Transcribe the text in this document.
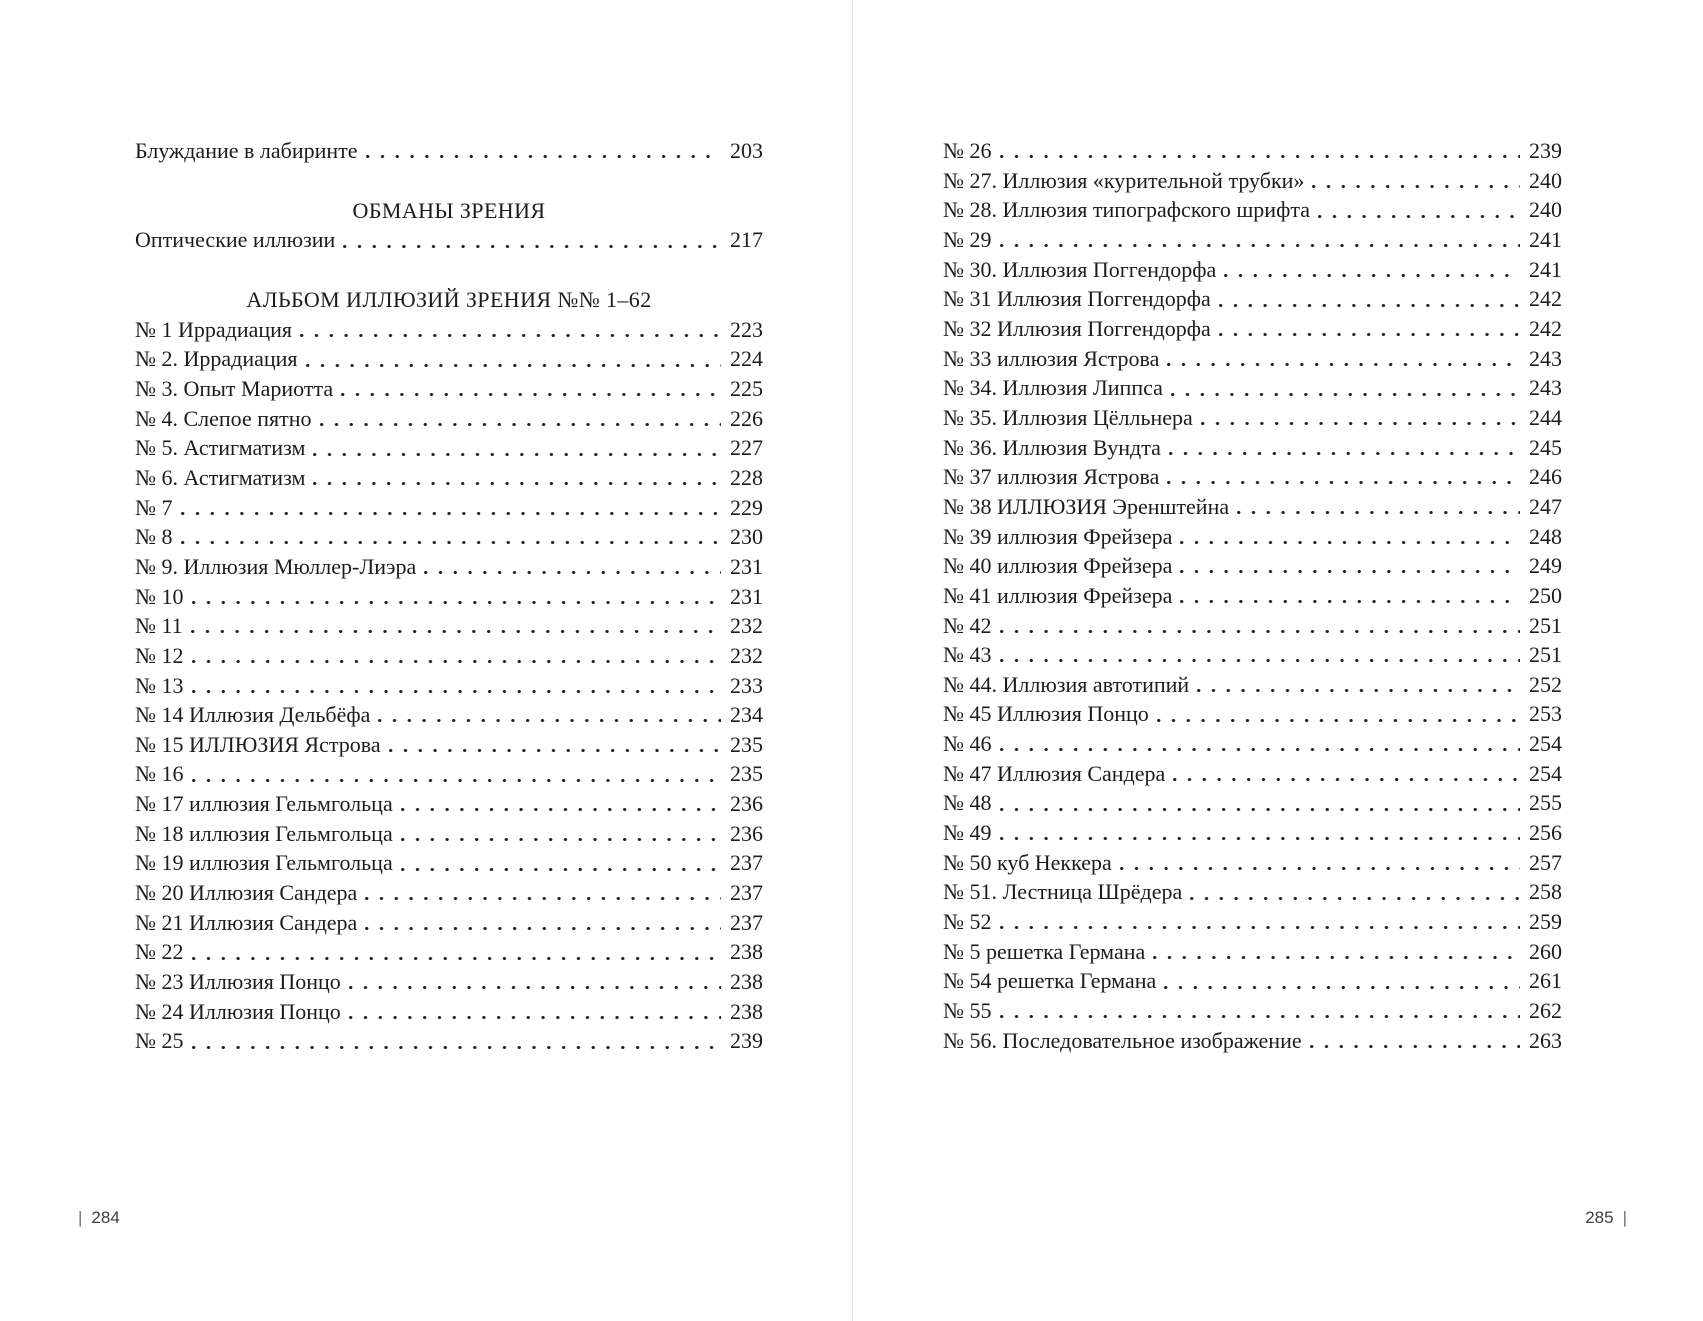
Блуждание в лабиринте	203
ОБМАНЫ ЗРЕНИЯ
Оптические иллюзии	217
АЛЬБОМ ИЛЛЮЗИЙ ЗРЕНИЯ №№ 1–62
№ 1 Иррадиация	223
№ 2. Иррадиация	224
№ 3. Опыт Мариотта	225
№ 4. Слепое пятно	226
№ 5. Астигматизм	227
№ 6. Астигматизм	228
№ 7	229
№ 8	230
№ 9. Иллюзия Мюллер-Лиэра	231
№ 10	231
№ 11	232
№ 12	232
№ 13	233
№ 14 Иллюзия Дельбёфа	234
№ 15 ИЛЛЮЗИЯ Ястрова	235
№ 16	235
№ 17 иллюзия Гельмгольца	236
№ 18 иллюзия Гельмгольца	236
№ 19 иллюзия Гельмгольца	237
№ 20 Иллюзия Сандера	237
№ 21 Иллюзия Сандера	237
№ 22	238
№ 23 Иллюзия Понцо	238
№ 24 Иллюзия Понцо	238
№ 25	239
№ 26	239
№ 27. Иллюзия «курительной трубки»	240
№ 28. Иллюзия типографского шрифта	240
№ 29	241
№ 30. Иллюзия Поггендорфа	241
№ 31 Иллюзия Поггендорфа	242
№ 32 Иллюзия Поггендорфа	242
№ 33 иллюзия Ястрова	243
№ 34. Иллюзия Липпса	243
№ 35. Иллюзия Цёлльнера	244
№ 36. Иллюзия Вундта	245
№ 37 иллюзия Ястрова	246
№ 38 ИЛЛЮЗИЯ Эренштейна	247
№ 39 иллюзия Фрейзера	248
№ 40 иллюзия Фрейзера	249
№ 41 иллюзия Фрейзера	250
№ 42	251
№ 43	251
№ 44. Иллюзия автотипий	252
№ 45 Иллюзия Понцо	253
№ 46	254
№ 47 Иллюзия Сандера	254
№ 48	255
№ 49	256
№ 50 куб Неккера	257
№ 51. Лестница Шрёдера	258
№ 52	259
№ 5 решетка Германа	260
№ 54 решетка Германа	261
№ 55	262
№ 56. Последовательное изображение	263
| 284	285 |
